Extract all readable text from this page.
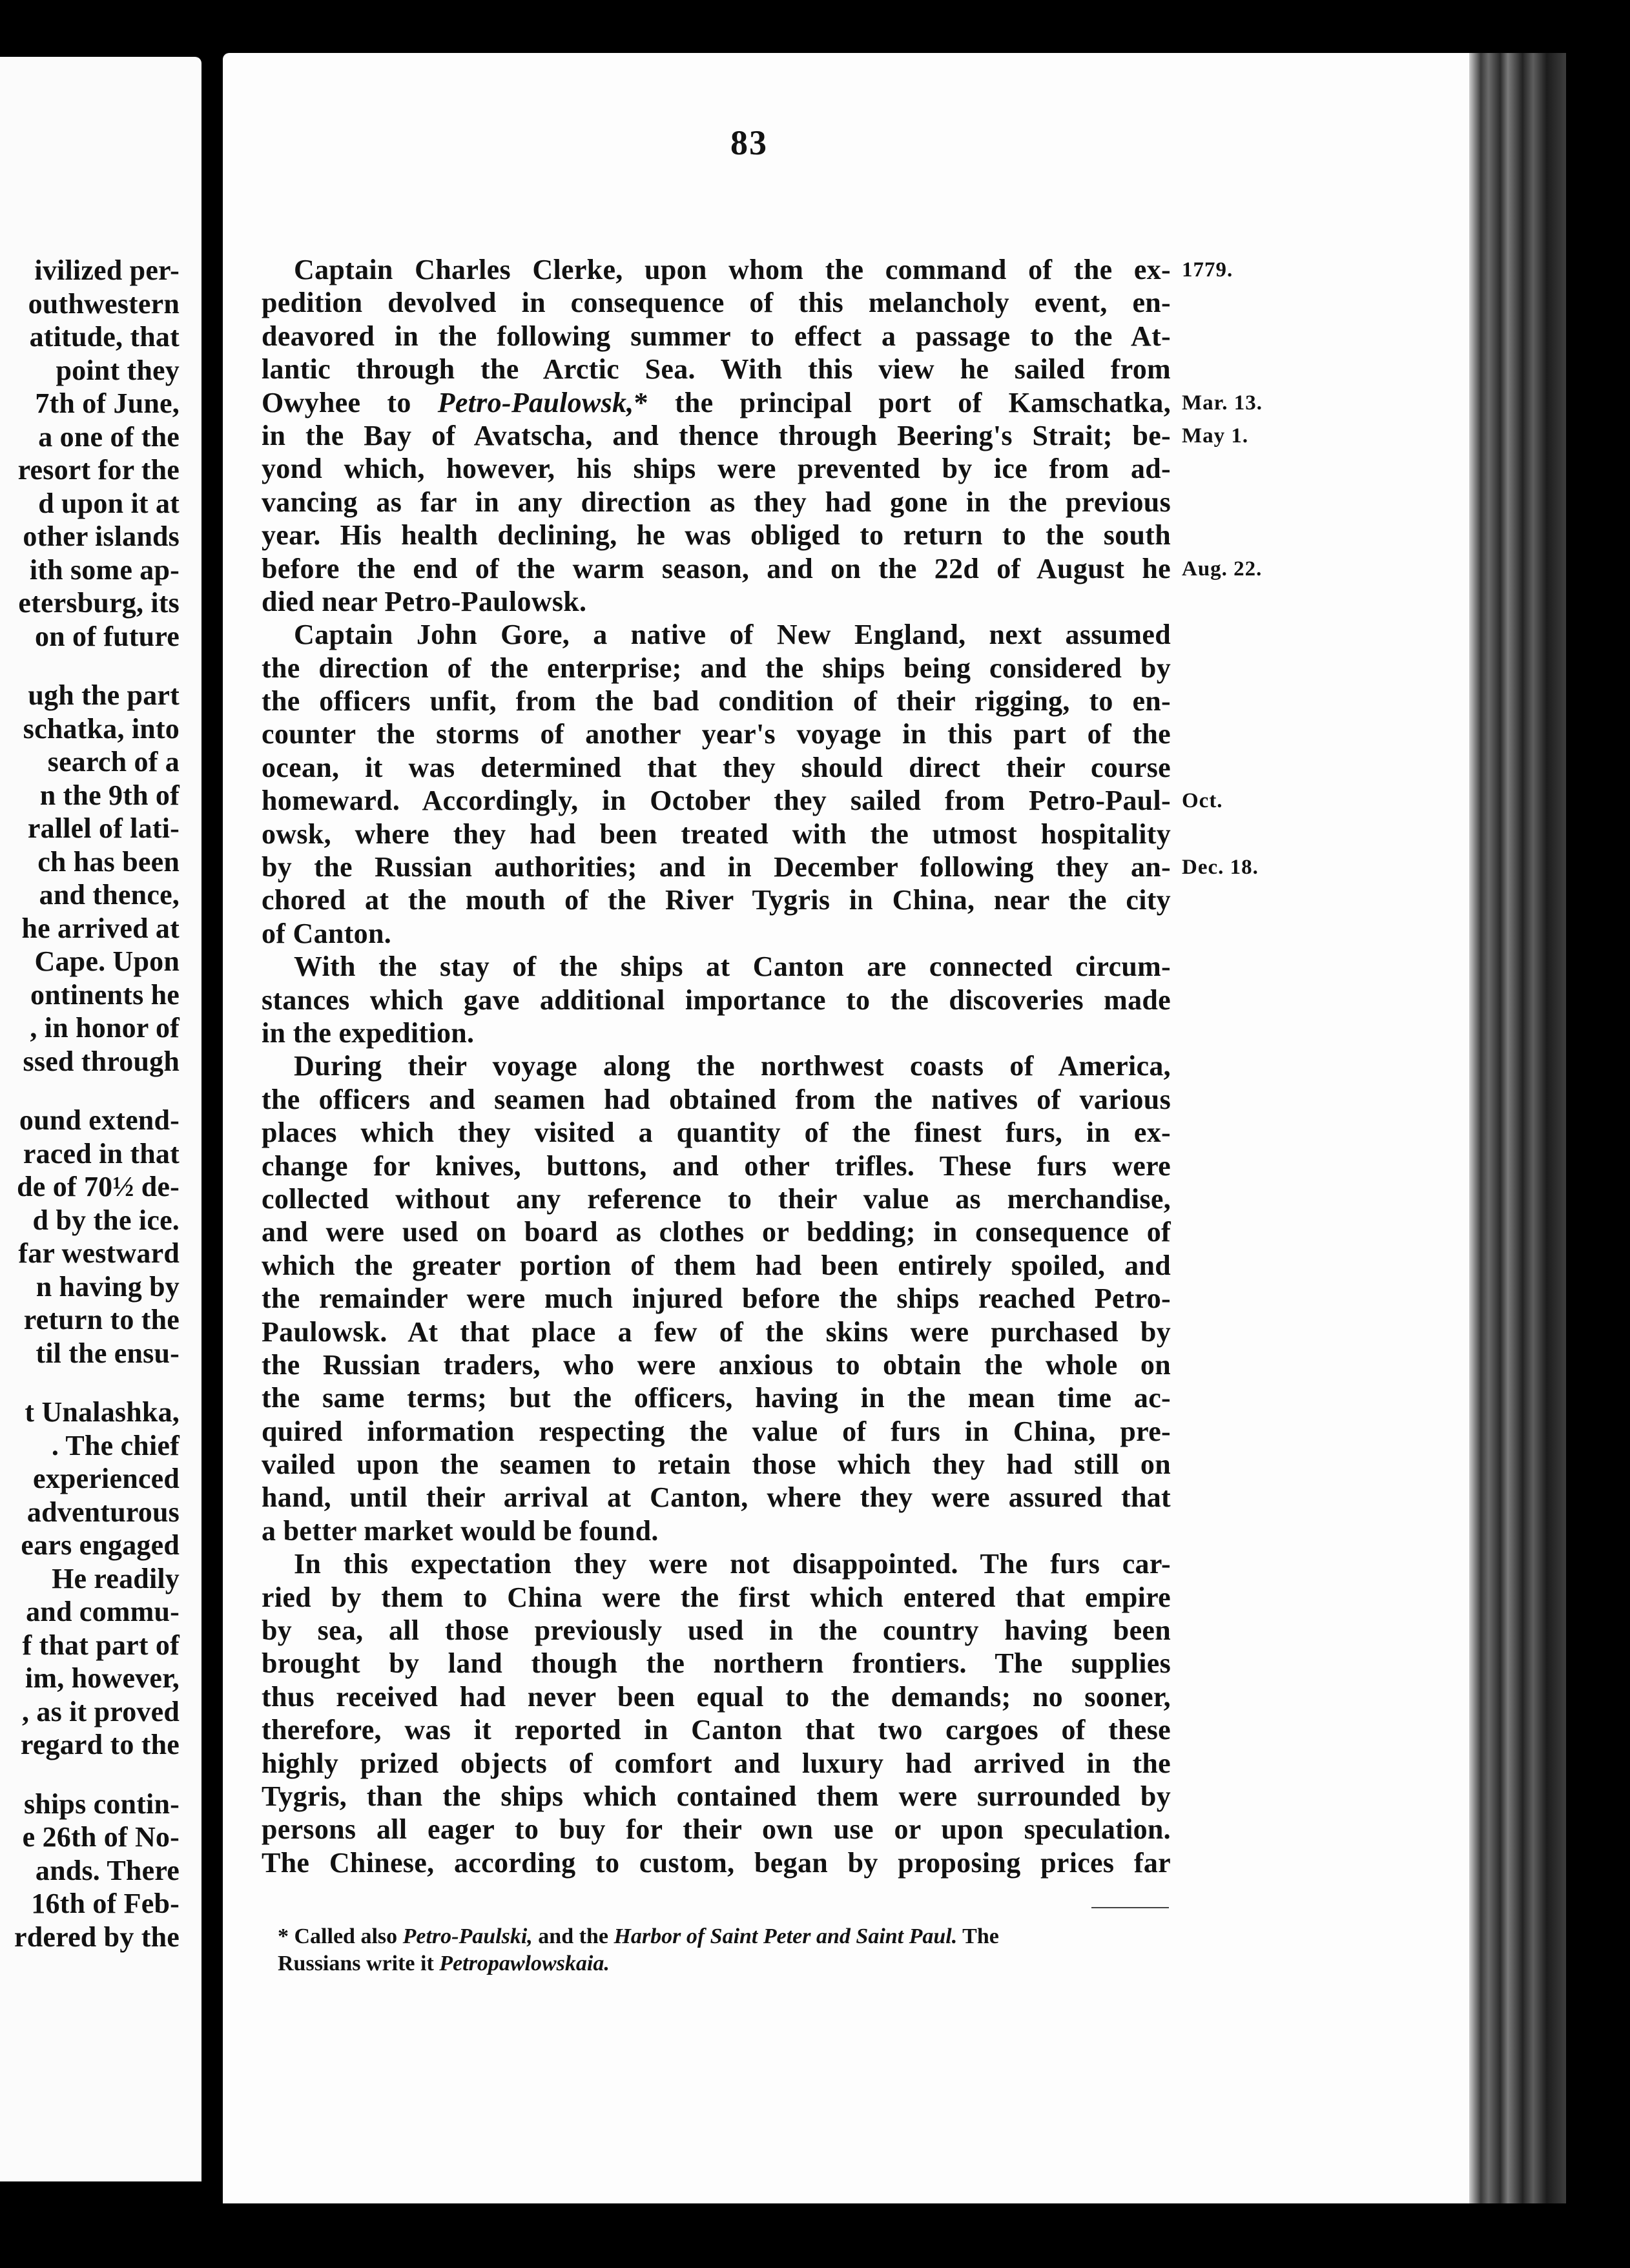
ivilized per-
outhwestern
atitude, that
point they
7th of June,
a one of the
resort for the
d upon it at
other islands
ith some ap-
etersburg, its
on of future
ugh the part
schatka, into
search of a
n the 9th of
rallel of lati-
ch has been
and thence,
he arrived at
Cape. Upon
ontinents he
, in honor of
ssed through
ound extend-
raced in that
de of 70½ de-
d by the ice.
far westward
n having by
return to the
til the ensu-
t Unalashka,
. The chief
experienced
adventurous
ears engaged
He readily
and commu-
f that part of
im, however,
, as it proved
regard to the
ships contin-
e 26th of No-
ands. There
16th of Feb-
rdered by the
83
Captain Charles Clerke, upon whom the command of the ex-
pedition devolved in consequence of this melancholy event, en-
deavored in the following summer to effect a passage to the At-
lantic through the Arctic Sea. With this view he sailed from
Owyhee to Petro-Paulowsk,* the principal port of Kamschatka,
in the Bay of Avatscha, and thence through Beering's Strait; be-
yond which, however, his ships were prevented by ice from ad-
vancing as far in any direction as they had gone in the previous
year. His health declining, he was obliged to return to the south
before the end of the warm season, and on the 22d of August he
died near Petro-Paulowsk.
Captain John Gore, a native of New England, next assumed
the direction of the enterprise; and the ships being considered by
the officers unfit, from the bad condition of their rigging, to en-
counter the storms of another year's voyage in this part of the
ocean, it was determined that they should direct their course
homeward. Accordingly, in October they sailed from Petro-Paul-
owsk, where they had been treated with the utmost hospitality
by the Russian authorities; and in December following they an-
chored at the mouth of the River Tygris in China, near the city
of Canton.
With the stay of the ships at Canton are connected circum-
stances which gave additional importance to the discoveries made
in the expedition.
During their voyage along the northwest coasts of America,
the officers and seamen had obtained from the natives of various
places which they visited a quantity of the finest furs, in ex-
change for knives, buttons, and other trifles. These furs were
collected without any reference to their value as merchandise,
and were used on board as clothes or bedding; in consequence of
which the greater portion of them had been entirely spoiled, and
the remainder were much injured before the ships reached Petro-
Paulowsk. At that place a few of the skins were purchased by
the Russian traders, who were anxious to obtain the whole on
the same terms; but the officers, having in the mean time ac-
quired information respecting the value of furs in China, pre-
vailed upon the seamen to retain those which they had still on
hand, until their arrival at Canton, where they were assured that
a better market would be found.
In this expectation they were not disappointed. The furs car-
ried by them to China were the first which entered that empire
by sea, all those previously used in the country having been
brought by land though the northern frontiers. The supplies
thus received had never been equal to the demands; no sooner,
therefore, was it reported in Canton that two cargoes of these
highly prized objects of comfort and luxury had arrived in the
Tygris, than the ships which contained them were surrounded by
persons all eager to buy for their own use or upon speculation.
The Chinese, according to custom, began by proposing prices far
1779.
Mar. 13.
May 1.
Aug. 22.
Oct.
Dec. 18.
* Called also Petro-Paulski, and the Harbor of Saint Peter and Saint Paul. The
Russians write it Petropawlowskaia.
